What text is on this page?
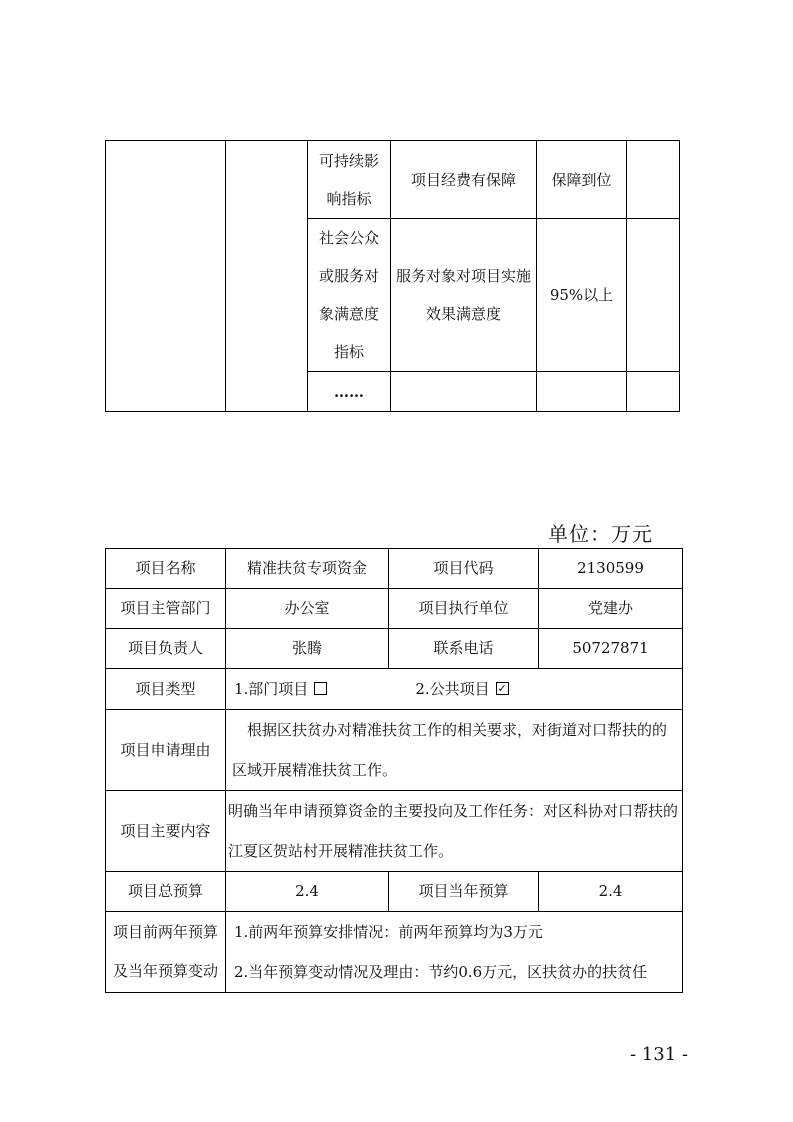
		可持续影响指标	项目经费有保障	保障到位	
		社会公众或服务对象满意度指标	服务对象对项目实施效果满意度	95%以上	
		……			
单位：万元
项目名称	精准扶贫专项资金	项目代码	2130599
项目主管部门	办公室	项目执行单位	党建办
项目负责人	张腾	联系电话	50727871
项目类型	1.部门项目 2.公共项目 ✓		
项目申请理由	根据区扶贫办对精准扶贫工作的相关要求，对街道对口帮扶的的区域开展精准扶贫工作。		
项目主要内容	明确当年申请预算资金的主要投向及工作任务：对区科协对口帮扶的江夏区贺站村开展精准扶贫工作。		
项目总预算	2.4	项目当年预算	2.4
项目前两年预算及当年预算变动	1.前两年预算安排情况：前两年预算均为3万元
2.当年预算变动情况及理由：节约0.6万元，区扶贫办的扶贫任		
- 131 -
